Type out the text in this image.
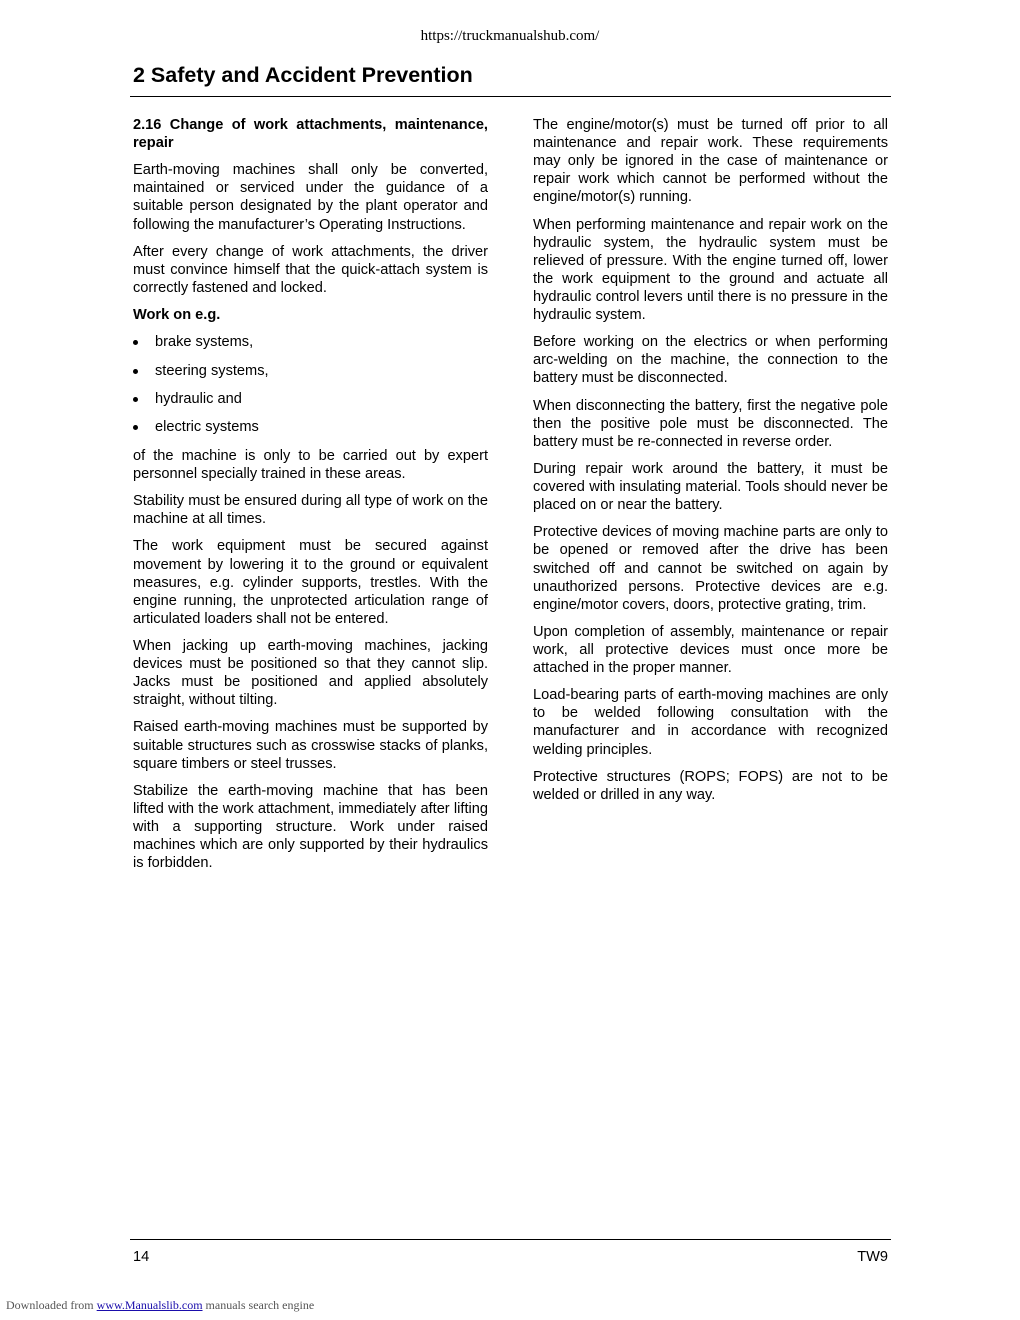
https://truckmanualshub.com/
2 Safety and Accident Prevention

2.16 Change of work attachments, maintenance, repair

Earth-moving machines shall only be converted, maintained or serviced under the guidance of a suitable person designated by the plant operator and following the manufacturer’s Operating Instructions.

After every change of work attachments, the driver must convince himself that the quick-attach system is correctly fastened and locked.

Work on e.g.

brake systems,
steering systems,
hydraulic and
electric systems

of the machine is only to be carried out by expert personnel specially trained in these areas.

Stability must be ensured during all type of work on the machine at all times.

The work equipment must be secured against movement by lowering it to the ground or equivalent measures, e.g. cylinder supports, trestles. With the engine running, the unprotected articulation range of articulated loaders shall not be entered.

When jacking up earth-moving machines, jacking devices must be positioned so that they cannot slip. Jacks must be positioned and applied absolutely straight, without tilting.

Raised earth-moving machines must be supported by suitable structures such as crosswise stacks of planks, square timbers or steel trusses.

Stabilize the earth-moving machine that has been lifted with the work attachment, immediately after lifting with a supporting structure. Work under raised machines which are only supported by their hydraulics is forbidden.

The engine/motor(s) must be turned off prior to all maintenance and repair work. These requirements may only be ignored in the case of maintenance or repair work which cannot be performed without the engine/motor(s) running.

When performing maintenance and repair work on the hydraulic system, the hydraulic system must be relieved of pressure. With the engine turned off, lower the work equipment to the ground and actuate all hydraulic control levers until there is no pressure in the hydraulic system.

Before working on the electrics or when performing arc-welding on the machine, the connection to the battery must be disconnected.

When disconnecting the battery, first the negative pole then the positive pole must be disconnected. The battery must be re-connected in reverse order.

During repair work around the battery, it must be covered with insulating material. Tools should never be placed on or near the battery.

Protective devices of moving machine parts are only to be opened or removed after the drive has been switched off and cannot be switched on again by unauthorized persons. Protective devices are e.g. engine/motor covers, doors, protective grating, trim.

Upon completion of assembly, maintenance or repair work, all protective devices must once more be attached in the proper manner.

Load-bearing parts of earth-moving machines are only to be welded following consultation with the manufacturer and in accordance with recognized welding principles.

Protective structures (ROPS; FOPS) are not to be welded or drilled in any way.

14	TW9
Downloaded from www.Manualslib.com manuals search engine
